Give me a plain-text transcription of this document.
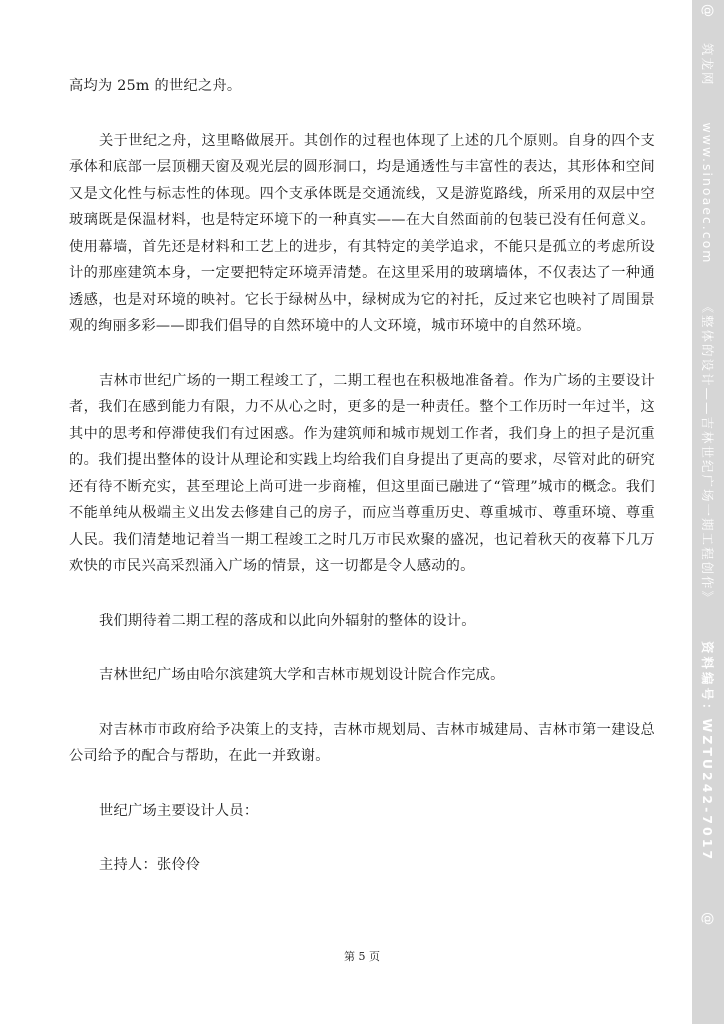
高均为 25m 的世纪之舟。

关于世纪之舟，这里略做展开。其创作的过程也体现了上述的几个原则。自身的四个支承体和底部一层顶棚天窗及观光层的圆形洞口，均是通透性与丰富性的表达，其形体和空间又是文化性与标志性的体现。四个支承体既是交通流线，又是游览路线，所采用的双层中空玻璃既是保温材料，也是特定环境下的一种真实——在大自然面前的包装已没有任何意义。使用幕墙，首先还是材料和工艺上的进步，有其特定的美学追求，不能只是孤立的考虑所设计的那座建筑本身，一定要把特定环境弄清楚。在这里采用的玻璃墙体，不仅表达了一种通透感，也是对环境的映衬。它长于绿树丛中，绿树成为它的衬托，反过来它也映衬了周围景观的绚丽多彩——即我们倡导的自然环境中的人文环境，城市环境中的自然环境。

吉林市世纪广场的一期工程竣工了，二期工程也在积极地准备着。作为广场的主要设计者，我们在感到能力有限，力不从心之时，更多的是一种责任。整个工作历时一年过半，这其中的思考和停滞使我们有过困惑。作为建筑师和城市规划工作者，我们身上的担子是沉重的。我们提出整体的设计从理论和实践上均给我们自身提出了更高的要求，尽管对此的研究还有待不断充实，甚至理论上尚可进一步商榷，但这里面已融进了“管理”城市的概念。我们不能单纯从极端主义出发去修建自己的房子，而应当尊重历史、尊重城市、尊重环境、尊重人民。我们清楚地记着当一期工程竣工之时几万市民欢聚的盛况，也记着秋天的夜幕下几万欢快的市民兴高采烈涌入广场的情景，这一切都是令人感动的。

我们期待着二期工程的落成和以此向外辐射的整体的设计。

吉林世纪广场由哈尔滨建筑大学和吉林市规划设计院合作完成。

对吉林市市政府给予决策上的支持，吉林市规划局、吉林市城建局、吉林市第一建设总公司给予的配合与帮助，在此一并致谢。

世纪广场主要设计人员：

主持人：张伶伶

第 5 页
@
筑龙网
www.sinoaec.com
《整体的设计——吉林世纪广场一期工程创作》
资料编号：WZTU242-7017
@
